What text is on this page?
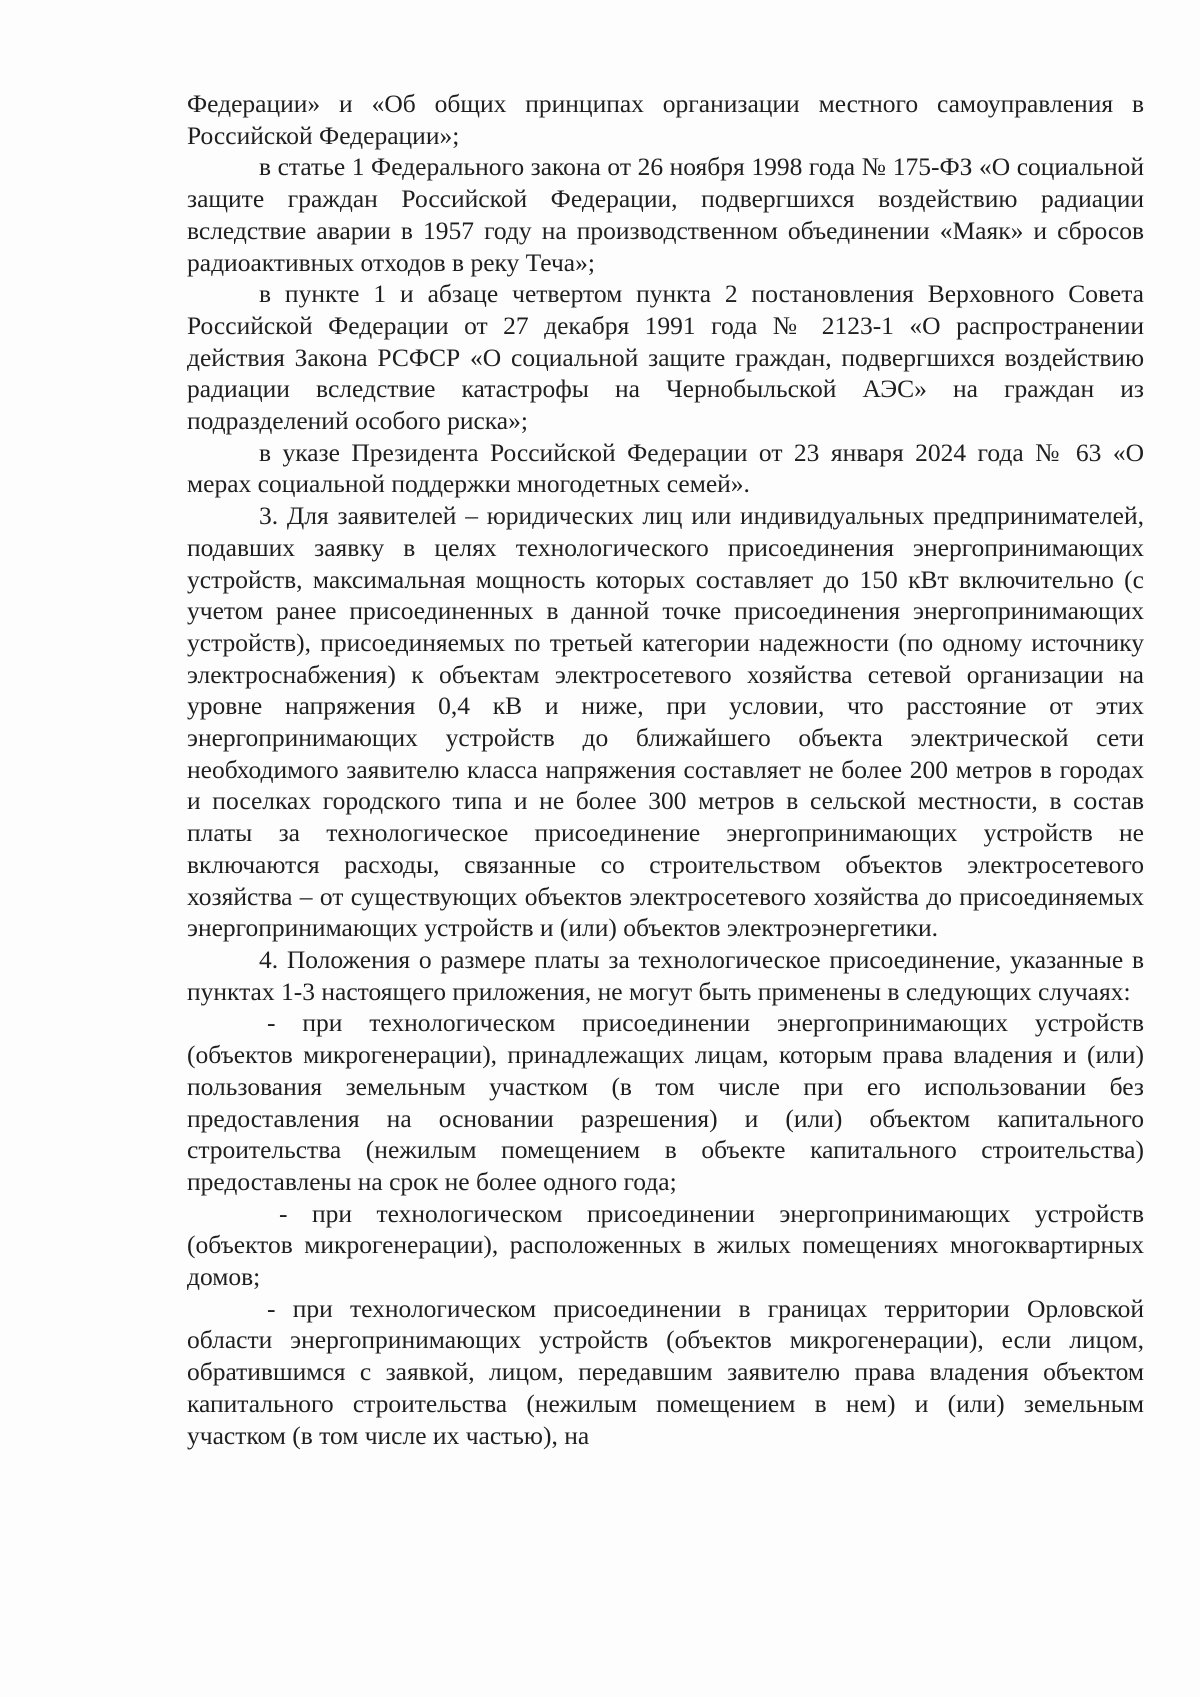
Федерации» и «Об общих принципах организации местного самоуправления в Российской Федерации»;

в статье 1 Федерального закона от 26 ноября 1998 года № 175-ФЗ «О социальной защите граждан Российской Федерации, подвергшихся воздействию радиации вследствие аварии в 1957 году на производственном объединении «Маяк» и сбросов радиоактивных отходов в реку Теча»;

в пункте 1 и абзаце четвертом пункта 2 постановления Верховного Совета Российской Федерации от 27 декабря 1991 года № 2123-1 «О распространении действия Закона РСФСР «О социальной защите граждан, подвергшихся воздействию радиации вследствие катастрофы на Чернобыльской АЭС» на граждан из подразделений особого риска»;

в указе Президента Российской Федерации от 23 января 2024 года № 63 «О мерах социальной поддержки многодетных семей».

3. Для заявителей – юридических лиц или индивидуальных предпринимателей, подавших заявку в целях технологического присоединения энергопринимающих устройств, максимальная мощность которых составляет до 150 кВт включительно (с учетом ранее присоединенных в данной точке присоединения энергопринимающих устройств), присоединяемых по третьей категории надежности (по одному источнику электроснабжения) к объектам электросетевого хозяйства сетевой организации на уровне напряжения 0,4 кВ и ниже, при условии, что расстояние от этих энергопринимающих устройств до ближайшего объекта электрической сети необходимого заявителю класса напряжения составляет не более 200 метров в городах и поселках городского типа и не более 300 метров в сельской местности, в состав платы за технологическое присоединение энергопринимающих устройств не включаются расходы, связанные со строительством объектов электросетевого хозяйства – от существующих объектов электросетевого хозяйства до присоединяемых энергопринимающих устройств и (или) объектов электроэнергетики.

4. Положения о размере платы за технологическое присоединение, указанные в пунктах 1-3 настоящего приложения, не могут быть применены в следующих случаях:

- при технологическом присоединении энергопринимающих устройств (объектов микрогенерации), принадлежащих лицам, которым права владения и (или) пользования земельным участком (в том числе при его использовании без предоставления на основании разрешения) и (или) объектом капитального строительства (нежилым помещением в объекте капитального строительства) предоставлены на срок не более одного года;

- при технологическом присоединении энергопринимающих устройств (объектов микрогенерации), расположенных в жилых помещениях многоквартирных домов;

- при технологическом присоединении в границах территории Орловской области энергопринимающих устройств (объектов микрогенерации), если лицом, обратившимся с заявкой, лицом, передавшим заявителю права владения объектом капитального строительства (нежилым помещением в нем) и (или) земельным участком (в том числе их частью), на
